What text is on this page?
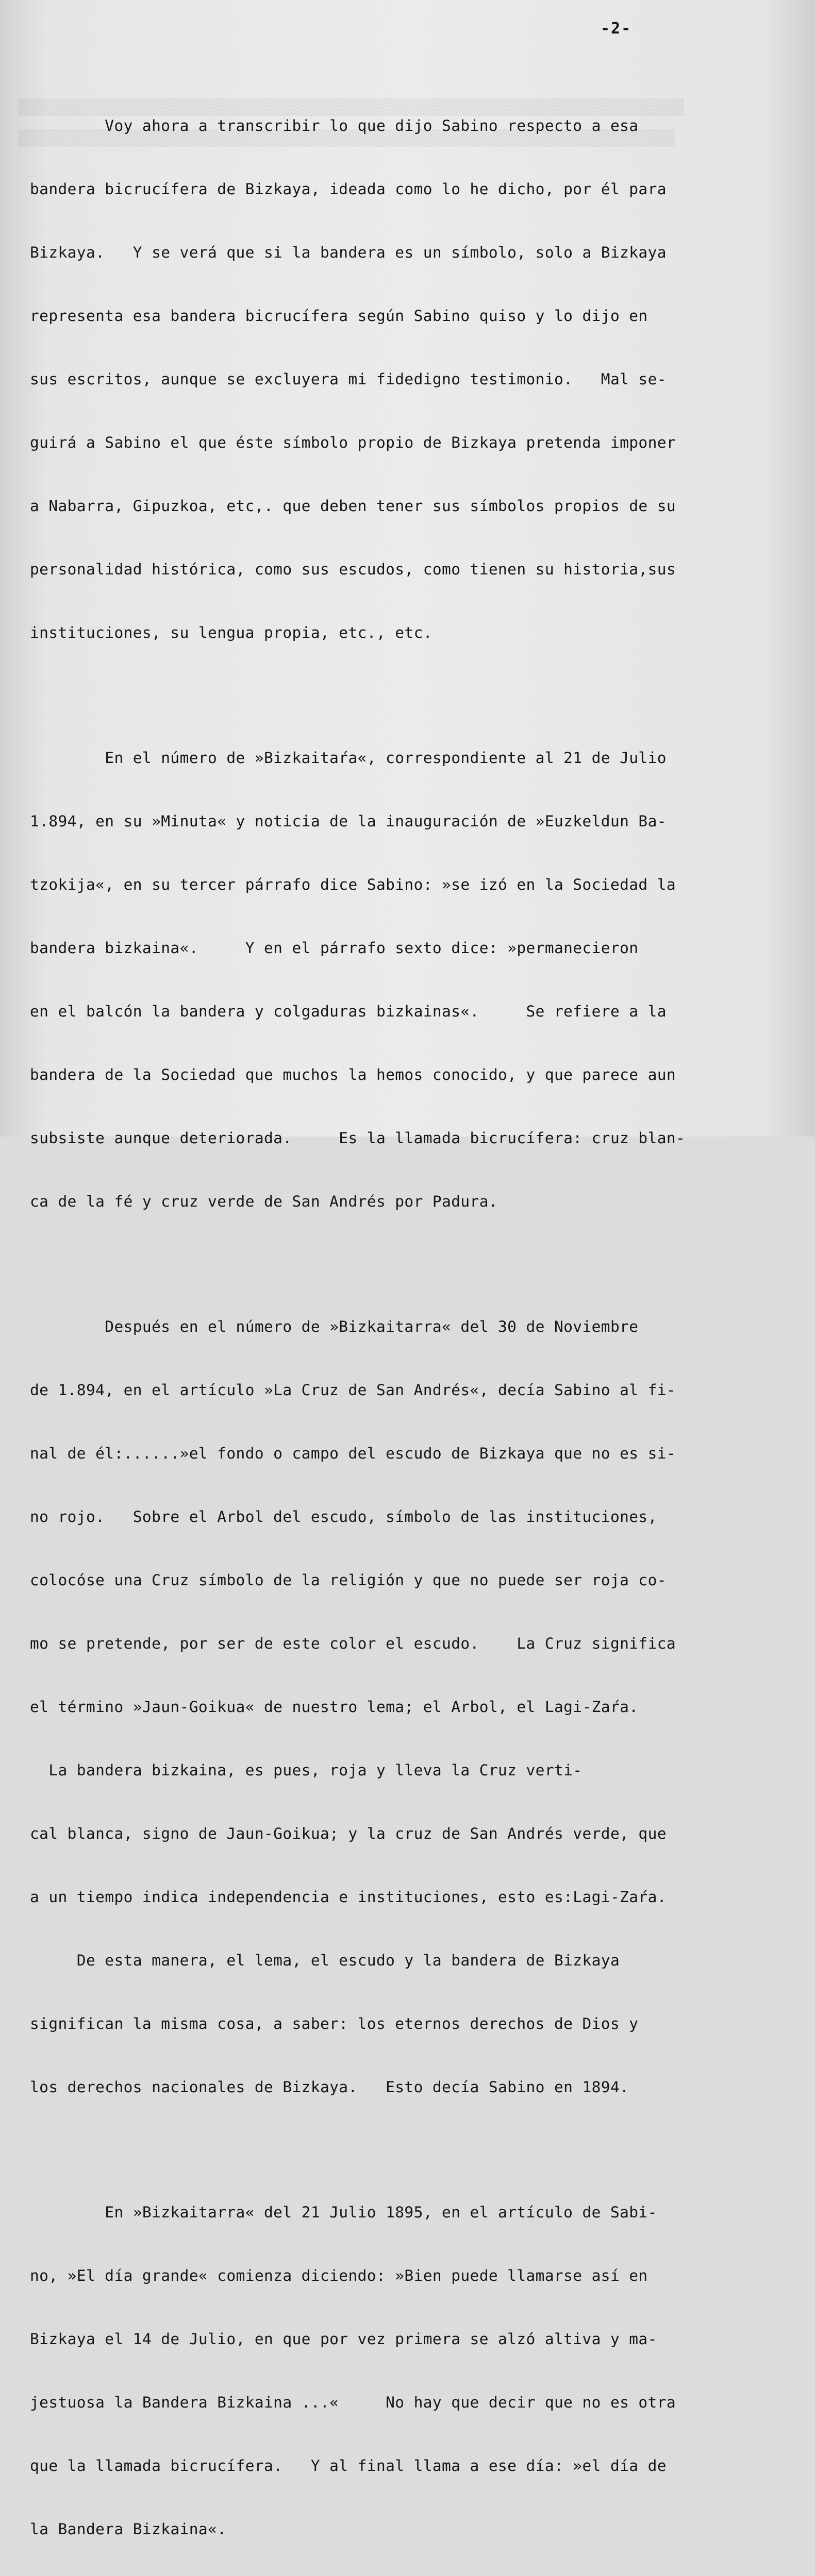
▒▒▒▒▒▒▒▒▒▒▒▒▒▒▒▒▒▒▒▒▒▒▒▒▒▒▒▒▒▒▒▒▒▒▒▒▒▒▒▒▒▒▒▒▒▒▒▒▒▒▒▒▒▒▒▒▒▒▒▒▒▒▒▒▒▒▒▒▒▒▒▒▒▒
▒▒▒▒▒▒▒▒▒▒▒▒▒▒▒▒▒▒▒▒▒▒▒▒▒▒▒▒▒▒▒▒▒▒▒▒▒▒▒▒▒▒▒▒▒▒▒▒▒▒▒▒▒▒▒▒▒▒▒▒▒▒▒▒▒▒▒▒▒▒▒▒▒

-2-

Voy ahora a transcribir lo que dijo Sabino respecto a esa

bandera bicrucífera de Bizkaya, ideada como lo he dicho, por él para

Bizkaya.   Y se verá que si la bandera es un símbolo, solo a Bizkaya

representa esa bandera bicrucífera según Sabino quiso y lo dijo en

sus escritos, aunque se excluyera mi fidedigno testimonio.   Mal se-

guirá a Sabino el que éste símbolo propio de Bizkaya pretenda imponer

a Nabarra, Gipuzkoa, etc,. que deben tener sus símbolos propios de su

personalidad histórica, como sus escudos, como tienen su historia,sus

instituciones, su lengua propia, etc., etc.

En el número de »Bizkaitaŕa«, correspondiente al 21 de Julio

1.894, en su »Minuta« y noticia de la inauguración de »Euzkeldun Ba-

tzokija«, en su tercer párrafo dice Sabino: »se izó en la Sociedad la

bandera bizkaina«.     Y en el párrafo sexto dice: »permanecieron

en el balcón la bandera y colgaduras bizkainas«.     Se refiere a la

bandera de la Sociedad que muchos la hemos conocido, y que parece aun

subsiste aunque deteriorada.     Es la llamada bicrucífera: cruz blan-

ca de la fé y cruz verde de San Andrés por Padura.

Después en el número de »Bizkaitarra« del 30 de Noviembre

de 1.894, en el artículo »La Cruz de San Andrés«, decía Sabino al fi-

nal de él:......»el fondo o campo del escudo de Bizkaya que no es si-

no rojo.   Sobre el Arbol del escudo, símbolo de las instituciones,

colocóse una Cruz símbolo de la religión y que no puede ser roja co-

mo se pretende, por ser de este color el escudo.    La Cruz significa

el término »Jaun-Goikua« de nuestro lema; el Arbol, el Lagi-Zaŕa.

La bandera bizkaina, es pues, roja y lleva la Cruz verti-

cal blanca, signo de Jaun-Goikua; y la cruz de San Andrés verde, que

a un tiempo indica independencia e instituciones, esto es:Lagi-Zaŕa.

De esta manera, el lema, el escudo y la bandera de Bizkaya

significan la misma cosa, a saber: los eternos derechos de Dios y

los derechos nacionales de Bizkaya.   Esto decía Sabino en 1894.

En »Bizkaitarra« del 21 Julio 1895, en el artículo de Sabi-

no, »El día grande« comienza diciendo: »Bien puede llamarse así en

Bizkaya el 14 de Julio, en que por vez primera se alzó altiva y ma-

jestuosa la Bandera Bizkaina ...«     No hay que decir que no es otra

que la llamada bicrucífera.   Y al final llama a ese día: »el día de

la Bandera Bizkaina«.
